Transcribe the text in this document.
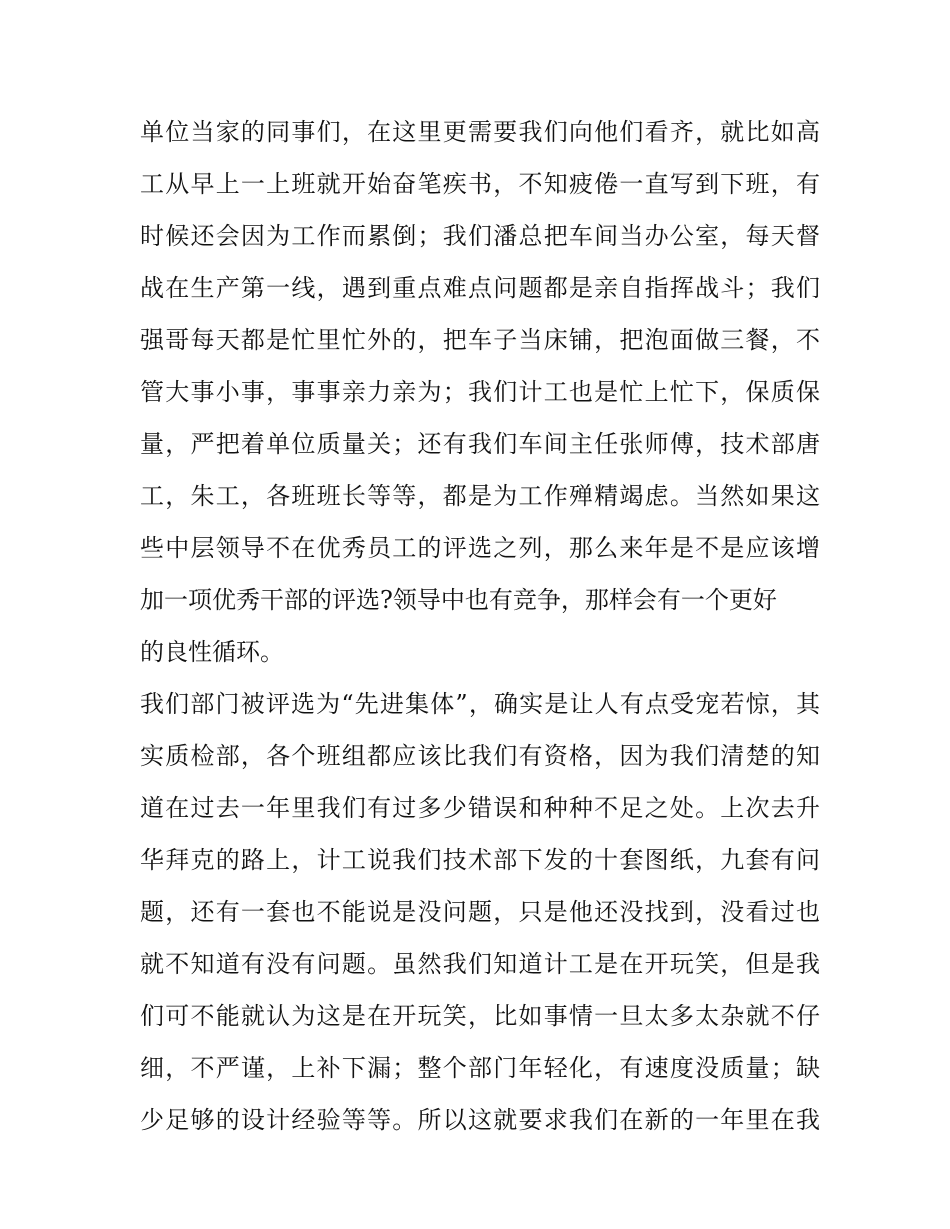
单位当家的同事们，在这里更需要我们向他们看齐，就比如高
工从早上一上班就开始奋笔疾书，不知疲倦一直写到下班，有
时候还会因为工作而累倒；我们潘总把车间当办公室，每天督
战在生产第一线，遇到重点难点问题都是亲自指挥战斗；我们
强哥每天都是忙里忙外的，把车子当床铺，把泡面做三餐，不
管大事小事，事事亲力亲为；我们计工也是忙上忙下，保质保
量，严把着单位质量关；还有我们车间主任张师傅，技术部唐
工，朱工，各班班长等等，都是为工作殚精竭虑。当然如果这
些中层领导不在优秀员工的评选之列，那么来年是不是应该增
加一项优秀干部的评选?领导中也有竞争，那样会有一个更好
的良性循环。
我们部门被评选为“先进集体”，确实是让人有点受宠若惊，其
实质检部，各个班组都应该比我们有资格，因为我们清楚的知
道在过去一年里我们有过多少错误和种种不足之处。上次去升
华拜克的路上，计工说我们技术部下发的十套图纸，九套有问
题，还有一套也不能说是没问题，只是他还没找到，没看过也
就不知道有没有问题。虽然我们知道计工是在开玩笑，但是我
们可不能就认为这是在开玩笑，比如事情一旦太多太杂就不仔
细，不严谨，上补下漏；整个部门年轻化，有速度没质量；缺
少足够的设计经验等等。所以这就要求我们在新的一年里在我
